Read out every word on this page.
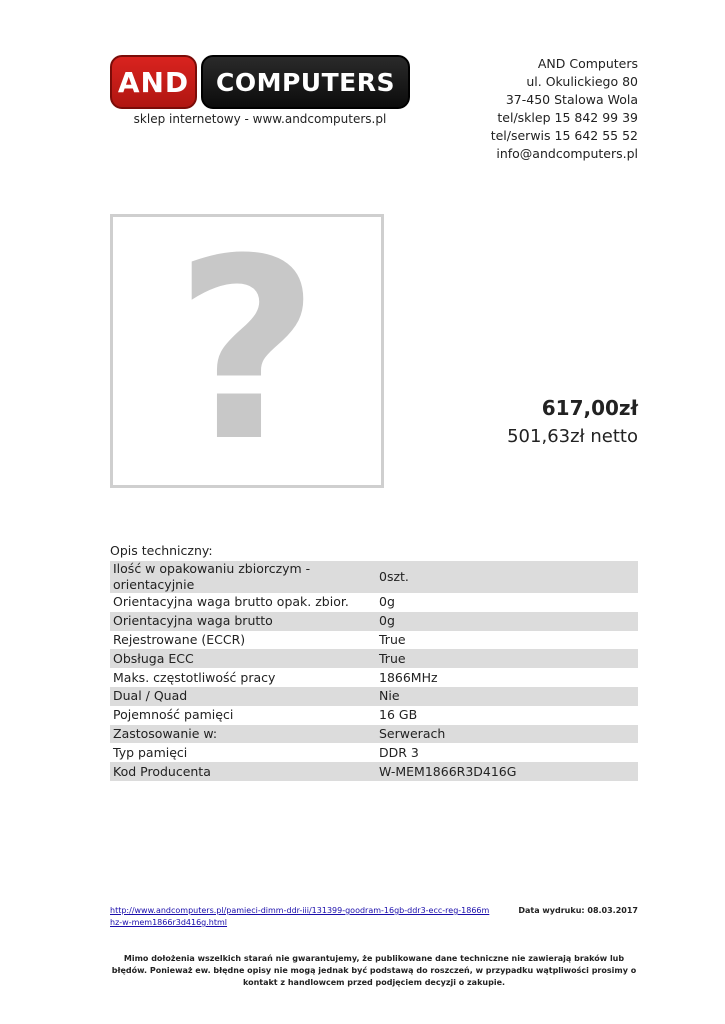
AND	COMPUTERS
sklep internetowy - www.andcomputers.pl
AND Computers
ul. Okulickiego 80
37-450 Stalowa Wola
tel/sklep 15 842 99 39
tel/serwis 15 642 55 52
info@andcomputers.pl
?	617,00zł
501,63zł netto
Opis techniczny:
Ilość w opakowaniu zbiorczym - orientacyjnie	0szt.
Orientacyjna waga brutto opak. zbior.	0g
Orientacyjna waga brutto	0g
Rejestrowane (ECCR)	True
Obsługa ECC	True
Maks. częstotliwość pracy	1866MHz
Dual / Quad	Nie
Pojemność pamięci	16 GB
Zastosowanie w:	Serwerach
Typ pamięci	DDR 3
Kod Producenta	W-MEM1866R3D416G
http://www.andcomputers.pl/pamieci-dimm-ddr-iii/131399-goodram-16gb-ddr3-ecc-reg-1866mhz-w-mem1866r3d416g.html
Data wydruku: 08.03.2017
Mimo dołożenia wszelkich starań nie gwarantujemy, że publikowane dane techniczne nie zawierają braków lub błędów. Ponieważ ew. błędne opisy nie mogą jednak być podstawą do roszczeń, w przypadku wątpliwości prosimy o kontakt z handlowcem przed podjęciem decyzji o zakupie.
